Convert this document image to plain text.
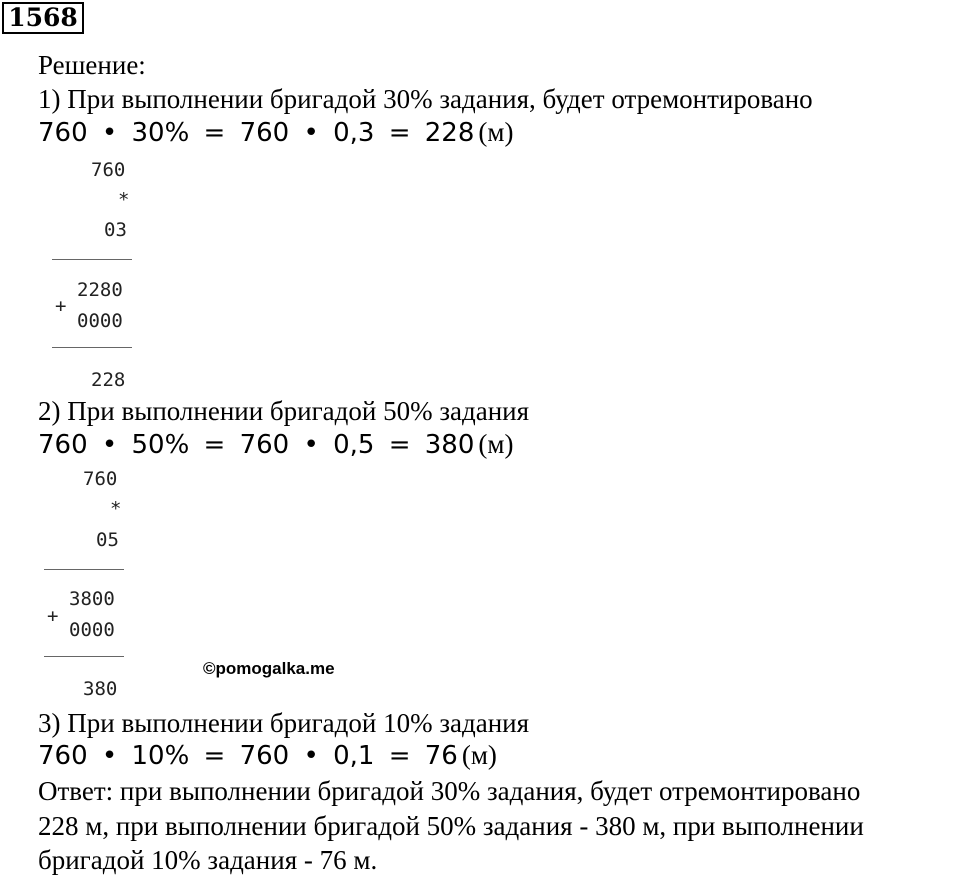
1568
Решение:
1) При выполнении бригадой 30% задания, будет отремонтировано
760 • 30% = 760 • 0,3 = 228 (м)
760
*
03
2280
+
0000
228
2) При выполнении бригадой 50% задания
760 • 50% = 760 • 0,5 = 380 (м)
760
*
05
3800
+
0000
380
©pomogalka.me
3) При выполнении бригадой 10% задания
760 • 10% = 760 • 0,1 = 76 (м)
Ответ: при выполнении бригадой 30% задания, будет отремонтировано
228 м, при выполнении бригадой 50% задания - 380 м, при выполнении
бригадой 10% задания - 76 м.
